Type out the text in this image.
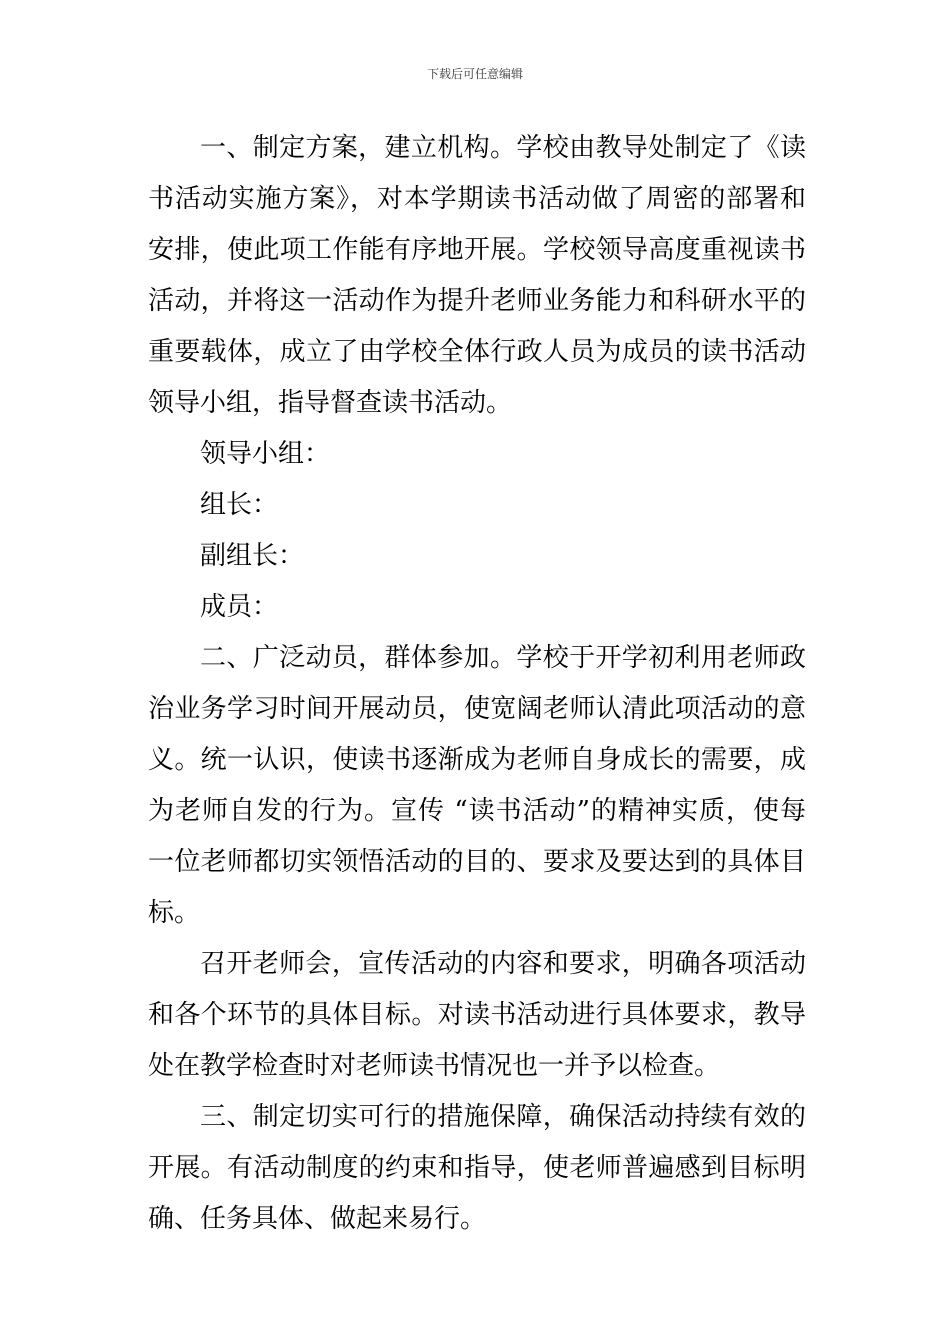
下载后可任意编辑

一、制定方案，建立机构。学校由教导处制定了《读书活动实施方案》，对本学期读书活动做了周密的部署和安排，使此项工作能有序地开展。学校领导高度重视读书活动，并将这一活动作为提升老师业务能力和科研水平的重要载体，成立了由学校全体行政人员为成员的读书活动领导小组，指导督查读书活动。

领导小组：

组长：

副组长：

成员：

二、广泛动员，群体参加。学校于开学初利用老师政治业务学习时间开展动员，使宽阔老师认清此项活动的意义。统一认识，使读书逐渐成为老师自身成长的需要，成为老师自发的行为。宣传 “读书活动”的精神实质，使每一位老师都切实领悟活动的目的、要求及要达到的具体目标。

召开老师会，宣传活动的内容和要求，明确各项活动和各个环节的具体目标。对读书活动进行具体要求，教导处在教学检查时对老师读书情况也一并予以检查。

三、制定切实可行的措施保障，确保活动持续有效的开展。有活动制度的约束和指导，使老师普遍感到目标明确、任务具体、做起来易行。
